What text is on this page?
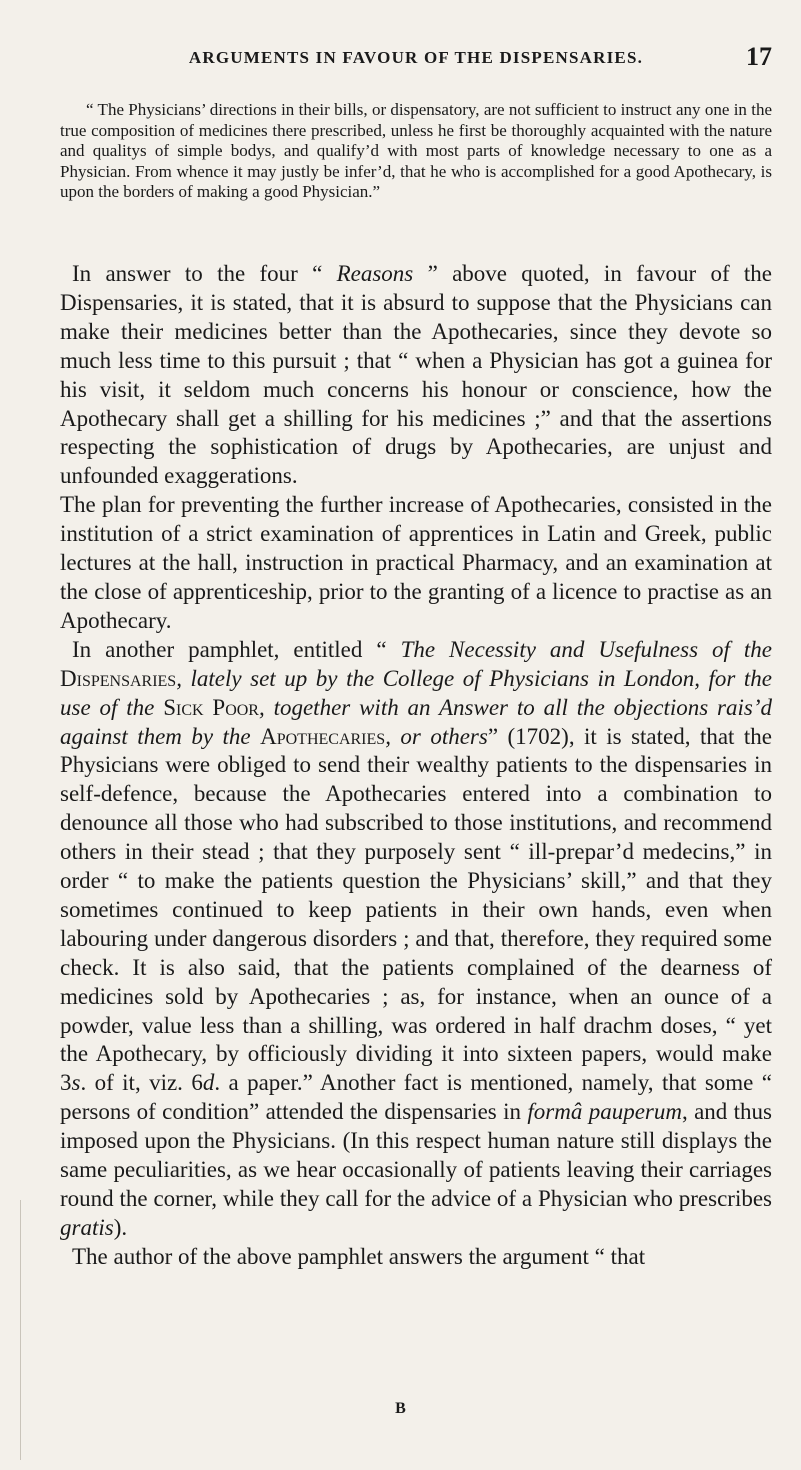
ARGUMENTS IN FAVOUR OF THE DISPENSARIES.	17

“ The Physicians’ directions in their bills, or dispensatory, are not sufficient to instruct any one in the true composition of medicines there prescribed, unless he first be thoroughly acquainted with the nature and qualitys of simple bodys, and qualify’d with most parts of knowledge necessary to one as a Physician. From whence it may justly be infer’d, that he who is accomplished for a good Apothecary, is upon the borders of making a good Physician.”

In answer to the four “ Reasons ” above quoted, in favour of the Dispensaries, it is stated, that it is absurd to suppose that the Physicians can make their medicines better than the Apothecaries, since they devote so much less time to this pursuit ; that “ when a Physician has got a guinea for his visit, it seldom much concerns his honour or conscience, how the Apothecary shall get a shilling for his medicines ;” and that the assertions respecting the sophistication of drugs by Apothecaries, are unjust and unfounded exaggerations.

The plan for preventing the further increase of Apothecaries, consisted in the institution of a strict examination of apprentices in Latin and Greek, public lectures at the hall, instruction in practical Pharmacy, and an examination at the close of apprenticeship, prior to the granting of a licence to practise as an Apothecary.

In another pamphlet, entitled “ The Necessity and Usefulness of the Dispensaries, lately set up by the College of Physicians in London, for the use of the Sick Poor, together with an Answer to all the objections rais’d against them by the Apothecaries, or others” (1702), it is stated, that the Physicians were obliged to send their wealthy patients to the dispensaries in self-defence, because the Apothecaries entered into a combination to denounce all those who had subscribed to those institutions, and recommend others in their stead ; that they purposely sent “ ill-prepar’d medecins,” in order “ to make the patients question the Physicians’ skill,” and that they sometimes continued to keep patients in their own hands, even when labouring under dangerous disorders ; and that, therefore, they required some check. It is also said, that the patients complained of the dearness of medicines sold by Apothecaries ; as, for instance, when an ounce of a powder, value less than a shilling, was ordered in half drachm doses, “ yet the Apothecary, by officiously dividing it into sixteen papers, would make 3s. of it, viz. 6d. a paper.” Another fact is mentioned, namely, that some “ persons of condition” attended the dispensaries in formâ pauperum, and thus imposed upon the Physicians. (In this respect human nature still displays the same peculiarities, as we hear occasionally of patients leaving their carriages round the corner, while they call for the advice of a Physician who prescribes gratis).

The author of the above pamphlet answers the argument “ that

B
